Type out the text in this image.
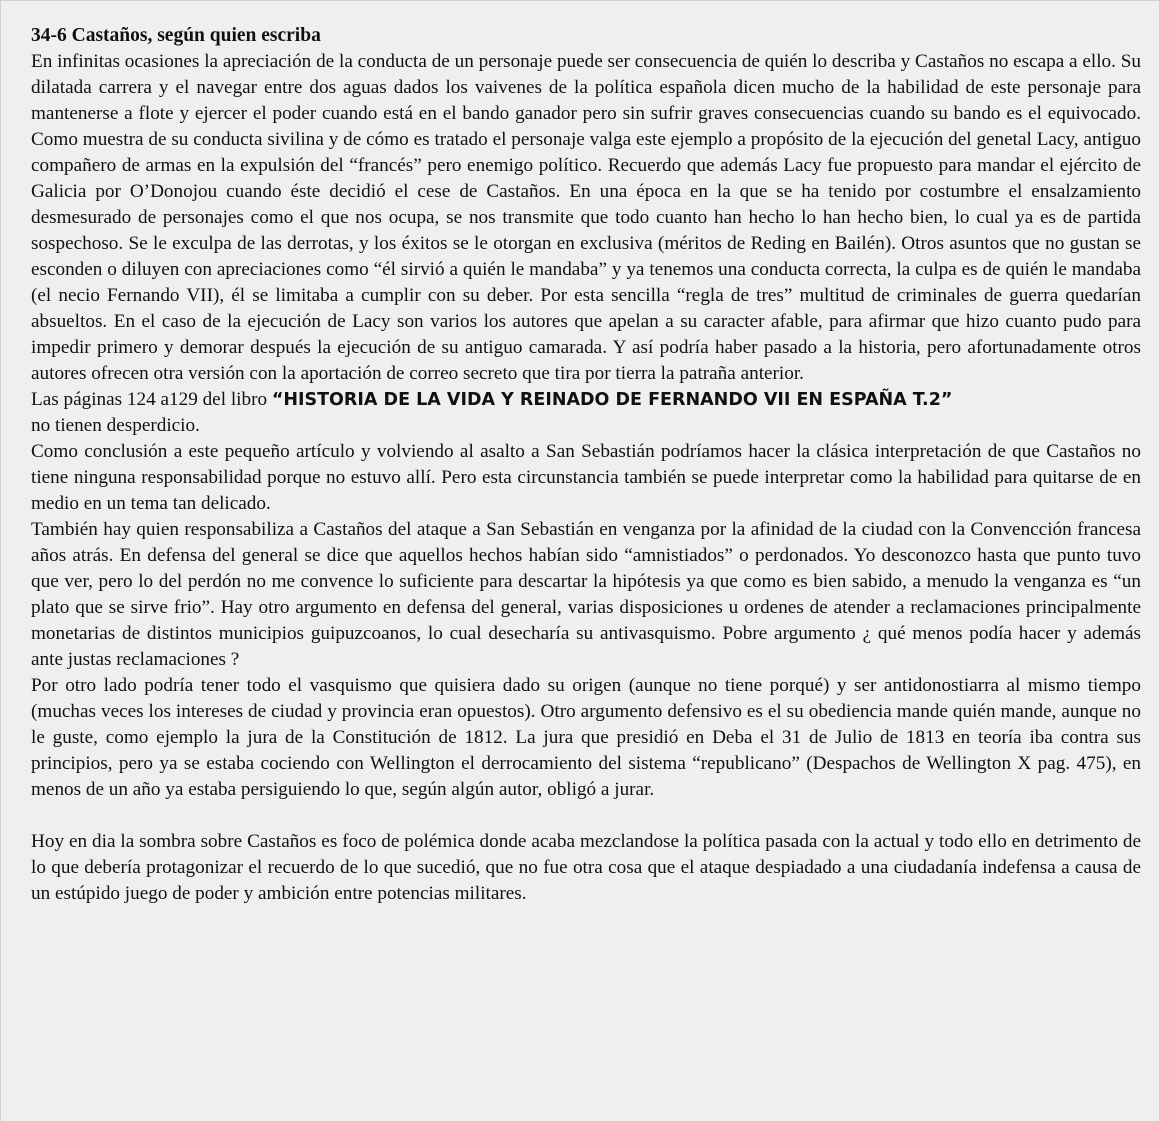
34-6 Castaños, según quien escriba

En infinitas ocasiones la apreciación de la conducta de un personaje puede ser consecuencia de quién lo describa y Castaños no escapa a ello. Su dilatada carrera y el navegar entre dos aguas dados los vaivenes de la política española dicen mucho de la habilidad de este personaje para mantenerse a flote y ejercer el poder cuando está en el bando ganador pero sin sufrir graves consecuencias cuando su bando es el equivocado. Como muestra de su conducta sivilina y de cómo es tratado el personaje valga este ejemplo a propósito de la ejecución del genetal Lacy, antiguo compañero de armas en la expulsión del “francés” pero enemigo político. Recuerdo que además Lacy fue propuesto para mandar el ejército de Galicia por O’Donojou cuando éste decidió el cese de Castaños. En una época en la que se ha tenido por costumbre el ensalzamiento desmesurado de personajes como el que nos ocupa, se nos transmite que todo cuanto han hecho lo han hecho bien, lo cual ya es de partida sospechoso. Se le exculpa de las derrotas, y los éxitos se le otorgan en exclusiva (méritos de Reding en Bailén). Otros asuntos que no gustan se esconden o diluyen con apreciaciones como “él sirvió a quién le mandaba” y ya tenemos una conducta correcta, la culpa es de quién le mandaba (el necio Fernando VII), él se limitaba a cumplir con su deber. Por esta sencilla “regla de tres” multitud de criminales de guerra quedarían absueltos. En el caso de la ejecución de Lacy son varios los autores que apelan a su caracter afable, para afirmar que hizo cuanto pudo para impedir primero y demorar después la ejecución de su antiguo camarada. Y así podría haber pasado a la historia, pero afortunadamente otros autores ofrecen otra versión con la aportación de correo secreto que tira por tierra la patraña anterior.

Las páginas 124 a129 del libro “HISTORIA DE LA VIDA Y REINADO DE FERNANDO VII EN ESPAÑA T.2”
no tienen desperdicio.

Como conclusión a este pequeño artículo y volviendo al asalto a San Sebastián podríamos hacer la clásica interpretación de que Castaños no tiene ninguna responsabilidad porque no estuvo allí. Pero esta circunstancia también se puede interpretar como la habilidad para quitarse de en medio en un tema tan delicado.

También hay quien responsabiliza a Castaños del ataque a San Sebastián en venganza por la afinidad de la ciudad con la Convencción francesa años atrás. En defensa del general se dice que aquellos hechos habían sido “amnistiados” o perdonados. Yo desconozco hasta que punto tuvo que ver, pero lo del perdón no me convence lo suficiente para descartar la hipótesis ya que como es bien sabido, a menudo la venganza es “un plato que se sirve frio”. Hay otro argumento en defensa del general, varias disposiciones u ordenes de atender a reclamaciones principalmente monetarias de distintos municipios guipuzcoanos, lo cual desecharía su antivasquismo. Pobre argumento ¿ qué menos podía hacer y además ante justas reclamaciones ?

Por otro lado podría tener todo el vasquismo que quisiera dado su origen (aunque no tiene porqué) y ser antidonostiarra al mismo tiempo (muchas veces los intereses de ciudad y provincia eran opuestos). Otro argumento defensivo es el su obediencia mande quién mande, aunque no le guste, como ejemplo la jura de la Constitución de 1812. La jura que presidió en Deba el 31 de Julio de 1813 en teoría iba contra sus principios, pero ya se estaba cociendo con Wellington el derrocamiento del sistema “republicano” (Despachos de Wellington X pag. 475), en menos de un año ya estaba persiguiendo lo que, según algún autor, obligó a jurar.

Hoy en dia la sombra sobre Castaños es foco de polémica donde acaba mezclandose la política pasada con la actual y todo ello en detrimento de lo que debería protagonizar el recuerdo de lo que sucedió, que no fue otra cosa que el ataque despiadado a una ciudadanía indefensa a causa de un estúpido juego de poder y ambición entre potencias militares.
